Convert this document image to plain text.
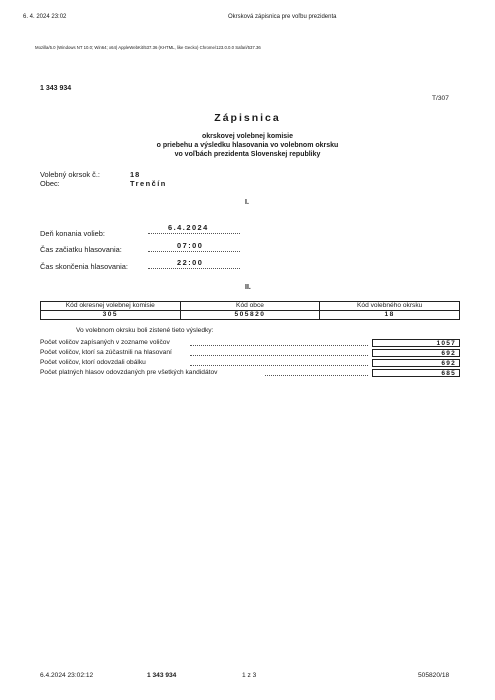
6. 4. 2024 23:02	Okrsková zápisnica pre voľbu prezidenta
Mozilla/5.0 (Windows NT 10.0; Win64; x64) AppleWebKit/537.36 (KHTML, like Gecko) Chrome/123.0.0.0 Safari/537.36
1 343 934
T/307
Zápisnica
okrskovej volebnej komisie
o priebehu a výsledku hlasovania vo volebnom okrsku
vo voľbách prezidenta Slovenskej republiky
Volebný okrsok č.:	18
Obec:	Trenčín
I.
Deň konania volieb:
6.4.2024
Čas začiatku hlasovania:	07:00
Čas skončenia hlasovania:	22:00
II.
Kód okresnej volebnej komisie	Kód obce	Kód volebného okrsku
305	505820	18
Vo volebnom okrsku boli zistené tieto výsledky:
Počet voličov zapísaných v zozname voličov	1057
Počet voličov, ktorí sa zúčastnili na hlasovaní	692
Počet voličov, ktorí odovzdali obálku	692
Počet platných hlasov odovzdaných pre všetkých kandidátov	685
6.4.2024 23:02:12	1 343 934	1 z 3	505820/18
